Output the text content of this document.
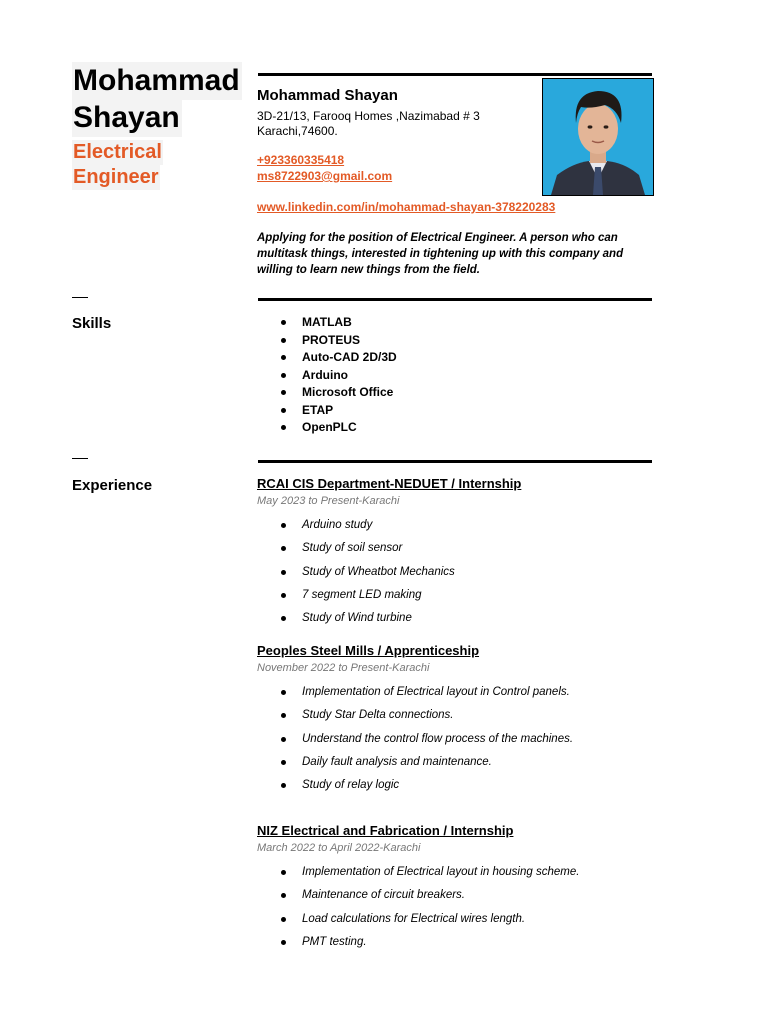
Mohammad
Shayan
Electrical
Engineer
Skills
Experience
Mohammad Shayan
3D-21/13, Farooq Homes ,Nazimabad # 3
Karachi,74600.
+923360335418
ms8722903@gmail.com
www.linkedin.com/in/mohammad-shayan-378220283
Applying for the position of Electrical Engineer. A person who can multitask things, interested in tightening up with this company and willing to learn new things from the field.
MATLAB
PROTEUS
Auto-CAD 2D/3D
Arduino
Microsoft Office
ETAP
OpenPLC
RCAI CIS Department-NEDUET / Internship
May 2023 to Present-Karachi
Arduino study
Study of soil sensor
Study of Wheatbot Mechanics
7 segment LED making
Study of Wind turbine
Peoples Steel Mills / Apprenticeship
November 2022 to Present-Karachi
Implementation of Electrical layout in Control panels.
Study Star Delta connections.
Understand the control flow process of the machines.
Daily fault analysis and maintenance.
Study of relay logic
NIZ Electrical and Fabrication / Internship
March 2022 to April 2022-Karachi
Implementation of Electrical layout in housing scheme.
Maintenance of circuit breakers.
Load calculations for Electrical wires length.
PMT testing.
